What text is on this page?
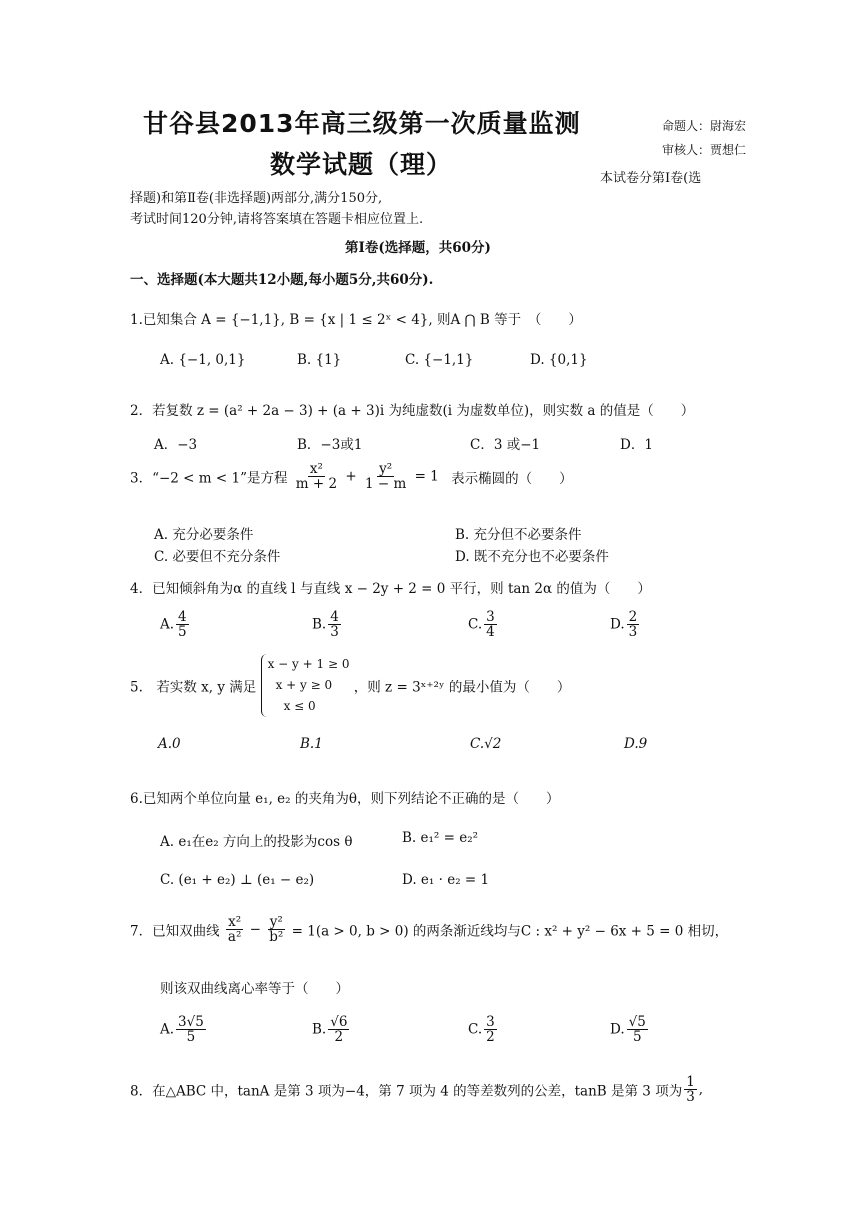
甘谷县2013年高三级第一次质量监测
数学试题（理）
命题人：尉海宏
审核人：贾想仁
本试卷分第Ⅰ卷(选
择题)和第Ⅱ卷(非选择题)两部分,满分150分,
考试时间120分钟,请将答案填在答题卡相应位置上.
第Ⅰ卷(选择题，共60分)
一、选择题(本大题共12小题,每小题5分,共60分).
1.已知集合 A = {−1,1}, B = {x | 1 ≤ 2ˣ < 4}, 则A ⋂ B 等于　（　　）
A. {−1, 0,1}	B. {1}	C. {−1,1}	D. {0,1}
2．若复数 z = (a² + 2a − 3) + (a + 3)i 为纯虚数(i 为虚数单位)，则实数 a 的值是（　　）
A．−3	B．−3或1	C．3 或−1	D．1
3．“−2 < m < 1”是方程 $\frac{\text{x²}}{m + 2} + \frac{\text{y²}}{1 - m} = 1$ 表示椭圆的（　　）
A. 充分必要条件	B. 充分但不必要条件
C. 必要但不充分条件	D. 既不充分也不必要条件
4．已知倾斜角为α 的直线 l 与直线 x − 2y + 2 = 0 平行，则 tan 2α 的值为（　　）
A. $\frac{4}{5}$	B. $\frac{4}{3}$	C. $\frac{3}{4}$	D. $\frac{2}{3}$
5.　若实数 x, y 满足
x − y + 1 ≥ 0
x + y ≥ 0
x ≤ 0
，则 z = 3ˣ⁺²ʸ 的最小值为（　　）
A.0	B.1	C.√2	D.9
6.已知两个单位向量 e₁, e₂ 的夹角为θ，则下列结论不正确的是（　　）
A. e₁在e₂ 方向上的投影为cos θ	B. e₁² = e₂²
C. (e₁ + e₂) ⊥ (e₁ − e₂)	D. e₁ · e₂ = 1
7．已知双曲线 $\frac{\text{x²}}{\text{a²}} - \frac{\text{y²}}{\text{b²}} = 1(a > 0$, b > 0) 的两条渐近线均与C : x² + y² − 6x + 5 = 0 相切，
则该双曲线离心率等于（　　）
A. $\frac{3√5}{5}$	B. $\frac{√6}{2}$	C. $\frac{3}{2}$	D. $\frac{√5}{5}$
8．在△ABC 中，tanA 是第 3 项为−4，第 7 项为 4 的等差数列的公差，tanB 是第 3 项为 $\frac{1}{3}$ ,
